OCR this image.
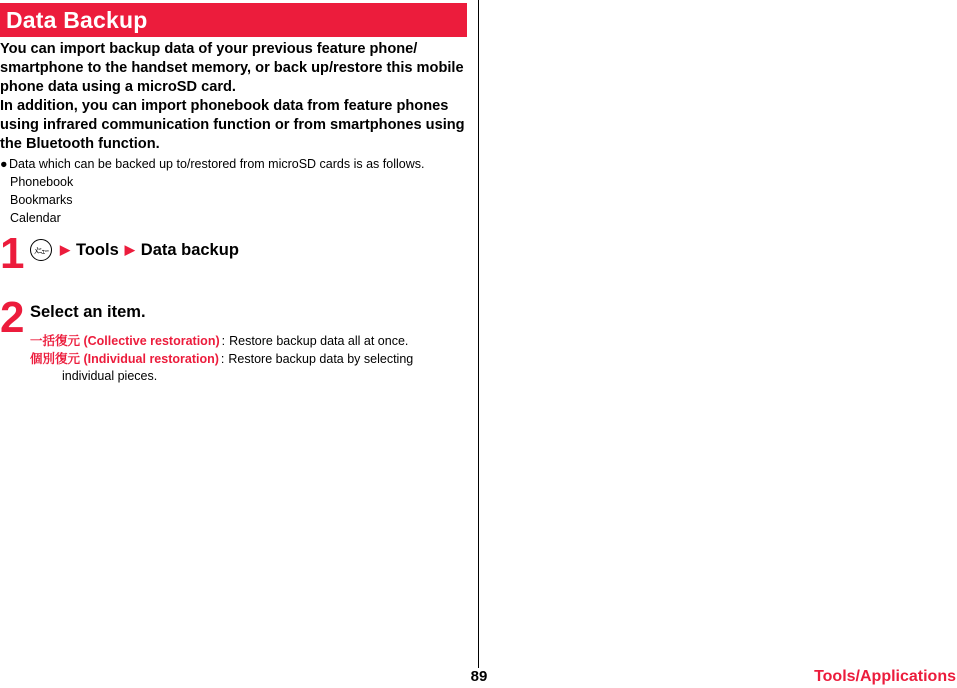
Data Backup
You can import backup data of your previous feature phone/ smartphone to the handset memory, or back up/restore this mobile phone data using a microSD card.
In addition, you can import phonebook data from feature phones using infrared communication function or from smartphones using the Bluetooth function.
●Data which can be backed up to/restored from microSD cards is as follows.
Phonebook
Bookmarks
Calendar
1	ﾒﾆｭｰ ▶ Tools ▶ Data backup
2 Select an item.
一括復元 (Collective restoration) : Restore backup data all at once.
個別復元 (Individual restoration) : Restore backup data by selecting
individual pieces.
89	Tools/Applications
